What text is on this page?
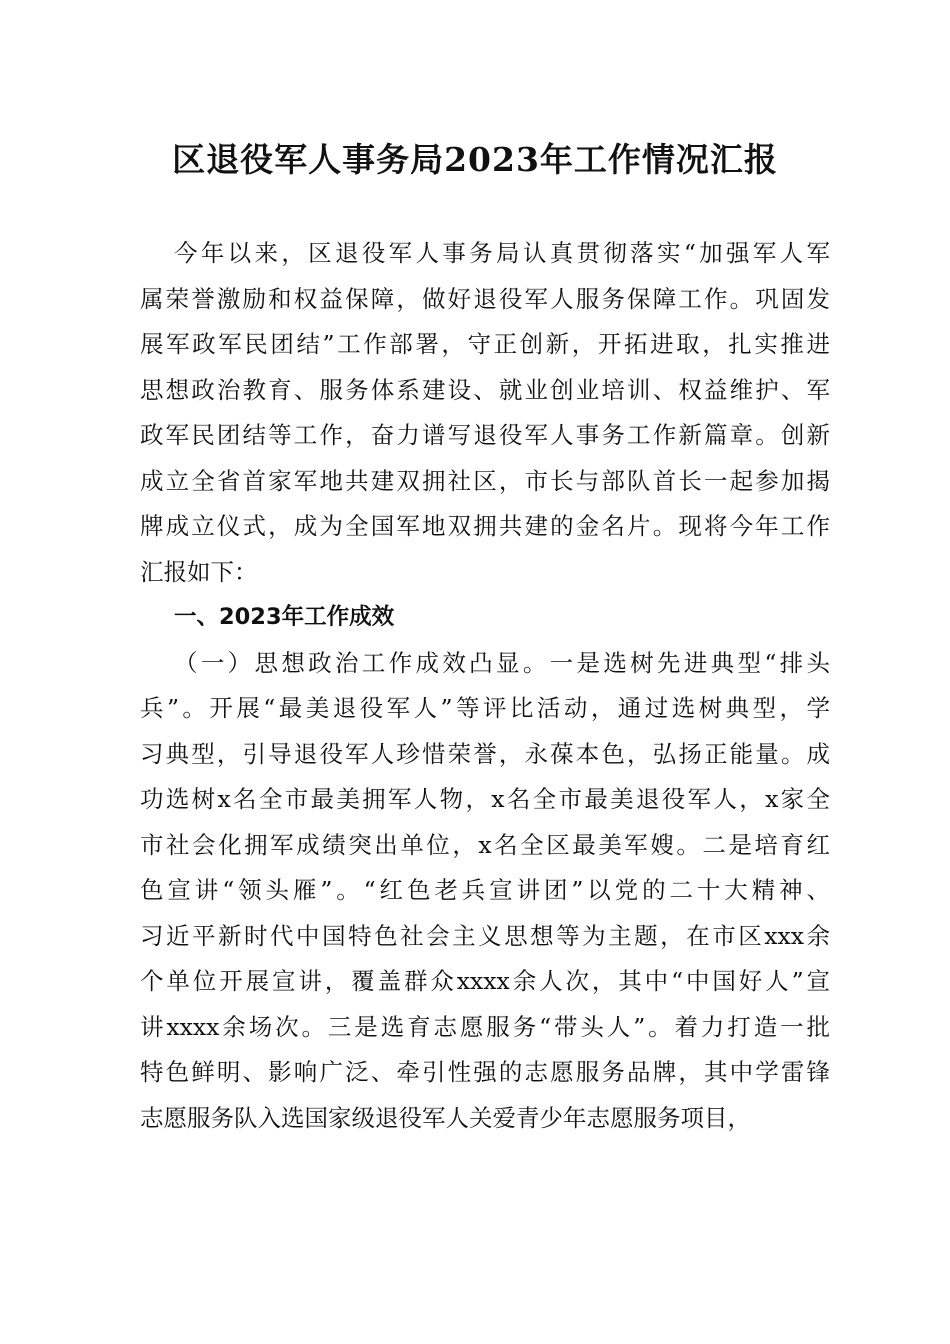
区退役军人事务局2023年工作情况汇报
今年以来，区退役军人事务局认真贯彻落实“加强军人军
属荣誉激励和权益保障，做好退役军人服务保障工作。巩固发
展军政军民团结”工作部署，守正创新，开拓进取，扎实推进
思想政治教育、服务体系建设、就业创业培训、权益维护、军
政军民团结等工作，奋力谱写退役军人事务工作新篇章。创新
成立全省首家军地共建双拥社区，市长与部队首长一起参加揭
牌成立仪式，成为全国军地双拥共建的金名片。现将今年工作
汇报如下：
一、2023年工作成效
（一）思想政治工作成效凸显。一是选树先进典型“排头
兵”。开展“最美退役军人”等评比活动，通过选树典型，学
习典型，引导退役军人珍惜荣誉，永葆本色，弘扬正能量。成
功选树x名全市最美拥军人物，x名全市最美退役军人，x家全
市社会化拥军成绩突出单位，x名全区最美军嫂。二是培育红
色宣讲“领头雁”。“红色老兵宣讲团”以党的二十大精神、
习近平新时代中国特色社会主义思想等为主题，在市区xxx余
个单位开展宣讲，覆盖群众xxxx余人次，其中“中国好人”宣
讲xxxx余场次。三是选育志愿服务“带头人”。着力打造一批
特色鲜明、影响广泛、牵引性强的志愿服务品牌，其中学雷锋
志愿服务队入选国家级退役军人关爱青少年志愿服务项目，
